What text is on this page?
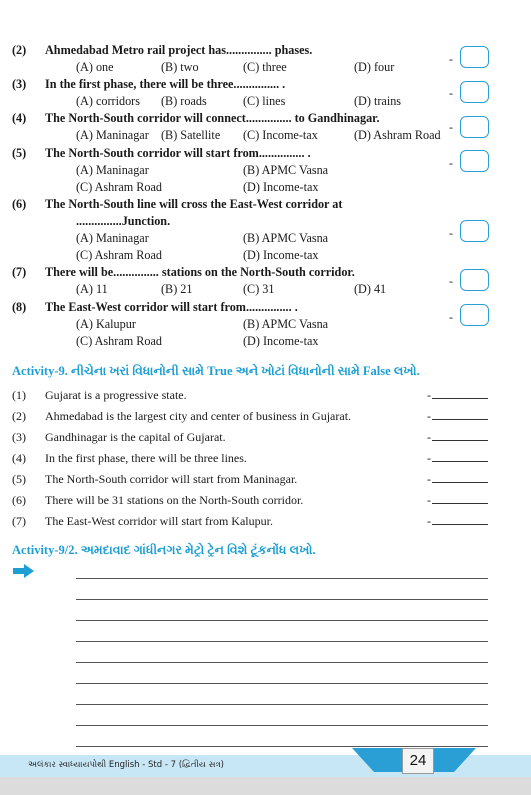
(2) Ahmedabad Metro rail project has............... phases.
(A) one	(B) two	(C) three	(D) four
-
(3) In the first phase, there will be three............... .
(A) corridors (B) roads	(C) lines	(D) trains
-
(4) The North-South corridor will connect............... to Gandhinagar.
(A) Maninagar (B) Satellite (C) Income-tax	(D) Ashram Road
-
(5) The North-South corridor will start from............... .
(A) Maninagar	(B) APMC Vasna
(C) Ashram Road	(D) Income-tax
-
(6) The North-South line will cross the East-West corridor at
...............Junction.
(A) Maninagar	(B) APMC Vasna
(C) Ashram Road	(D) Income-tax
-
(7) There will be............... stations on the North-South corridor.
(A) 11	(B) 21	(C) 31	(D) 41
-
(8) The East-West corridor will start from............... .
(A) Kalupur	(B) APMC Vasna
(C) Ashram Road	(D) Income-tax
-
Activity-9. નીચેના ખરાં વિધાનોની સામે True અને ખોટાં વિધાનોની સામે False લખો.
(1) Gujarat is a progressive state.	-
(2) Ahmedabad is the largest city and center of business in Gujarat.	-
(3) Gandhinagar is the capital of Gujarat.	-
(4) In the first phase, there will be three lines.	-
(5) The North-South corridor will start from Maninagar.	-
(6) There will be 31 stations on the North-South corridor.	-
(7) The East-West corridor will start from Kalupur.	-
Activity-9/2. અમદાવાદ ગાંધીનગર મેટ્રો ટ્રેન વિશે ટૂંકનોંધ લખો.
અલંકાર સ્વાધ્યાયપોથી English - Std - 7 (દ્વિતીય સત્ર)	24
